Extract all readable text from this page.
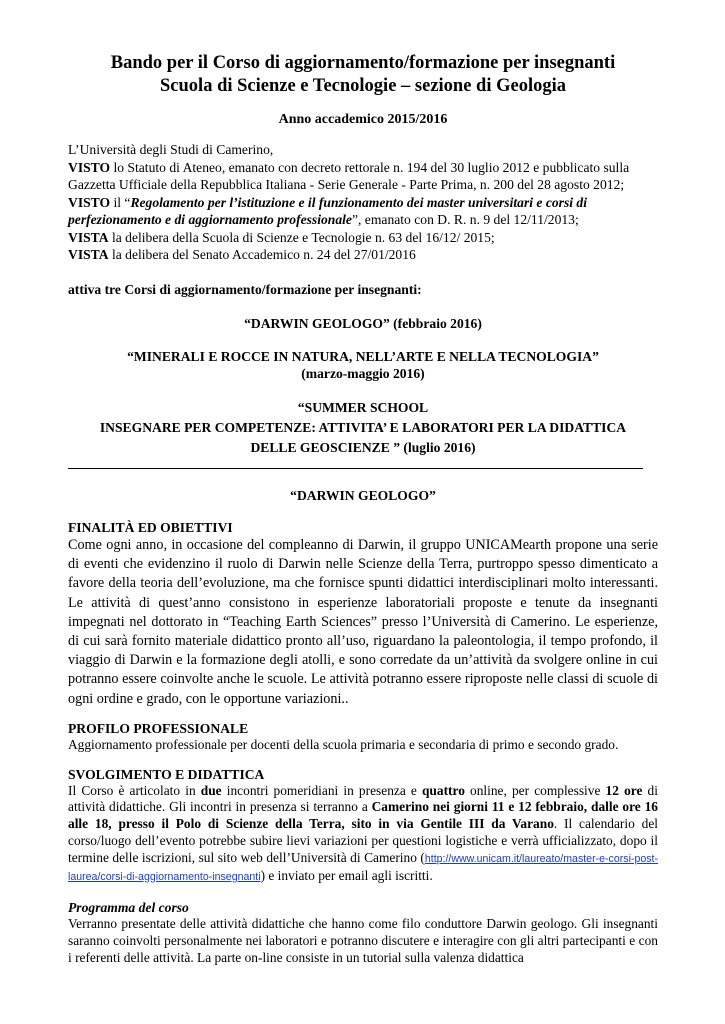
Bando per il Corso di aggiornamento/formazione per insegnanti

Scuola di Scienze e Tecnologie – sezione di Geologia

Anno accademico 2015/2016

L’Università degli Studi di Camerino,

VISTO lo Statuto di Ateneo, emanato con decreto rettorale n. 194 del 30 luglio 2012 e pubblicato sulla Gazzetta Ufficiale della Repubblica Italiana - Serie Generale - Parte Prima, n. 200 del 28 agosto 2012;

VISTO il “Regolamento per l’istituzione e il funzionamento dei master universitari e corsi di perfezionamento e di aggiornamento professionale”, emanato con D. R. n. 9 del 12/11/2013;

VISTA la delibera della Scuola di Scienze e Tecnologie n. 63 del 16/12/ 2015;

VISTA la delibera del Senato Accademico n. 24 del 27/01/2016

attiva tre Corsi di aggiornamento/formazione per insegnanti:

“DARWIN GEOLOGO” (febbraio 2016)
“MINERALI E ROCCE IN NATURA, NELL’ARTE E NELLA TECNOLOGIA”
(marzo-maggio 2016)
“SUMMER SCHOOL
INSEGNARE PER COMPETENZE: ATTIVITA’ E LABORATORI PER LA DIDATTICA
DELLE GEOSCIENZE ” (luglio 2016)
“DARWIN GEOLOGO”

FINALITÀ ED OBIETTIVI

Come ogni anno, in occasione del compleanno di Darwin, il gruppo UNICAMearth propone una serie di eventi che evidenzino il ruolo di Darwin nelle Scienze della Terra, purtroppo spesso dimenticato a favore della teoria dell’evoluzione, ma che fornisce spunti didattici interdisciplinari molto interessanti. Le attività di quest’anno consistono in esperienze laboratoriali proposte e tenute da insegnanti impegnati nel dottorato in “Teaching Earth Sciences” presso l’Università di Camerino. Le esperienze, di cui sarà fornito materiale didattico pronto all’uso, riguardano la paleontologia, il tempo profondo, il viaggio di Darwin e la formazione degli atolli, e sono corredate da un’attività da svolgere online in cui potranno essere coinvolte anche le scuole. Le attività potranno essere riproposte nelle classi di scuole di ogni ordine e grado, con le opportune variazioni..

PROFILO PROFESSIONALE

Aggiornamento professionale per docenti della scuola primaria e secondaria di primo e secondo grado.

SVOLGIMENTO E DIDATTICA

Il Corso è articolato in due incontri pomeridiani in presenza e quattro online, per complessive 12 ore di attività didattiche. Gli incontri in presenza si terranno a Camerino nei giorni 11 e 12 febbraio, dalle ore 16 alle 18, presso il Polo di Scienze della Terra, sito in via Gentile III da Varano. Il calendario del corso/luogo dell’evento potrebbe subire lievi variazioni per questioni logistiche e verrà ufficializzato, dopo il termine delle iscrizioni, sul sito web dell’Università di Camerino (http://www.unicam.it/laureato/master-e-corsi-post-laurea/corsi-di-aggiornamento-insegnanti) e inviato per email agli iscritti.

Programma del corso

Verranno presentate delle attività didattiche che hanno come filo conduttore Darwin geologo. Gli insegnanti saranno coinvolti personalmente nei laboratori e potranno discutere e interagire con gli altri partecipanti e con i referenti delle attività. La parte on-line consiste in un tutorial sulla valenza didattica
